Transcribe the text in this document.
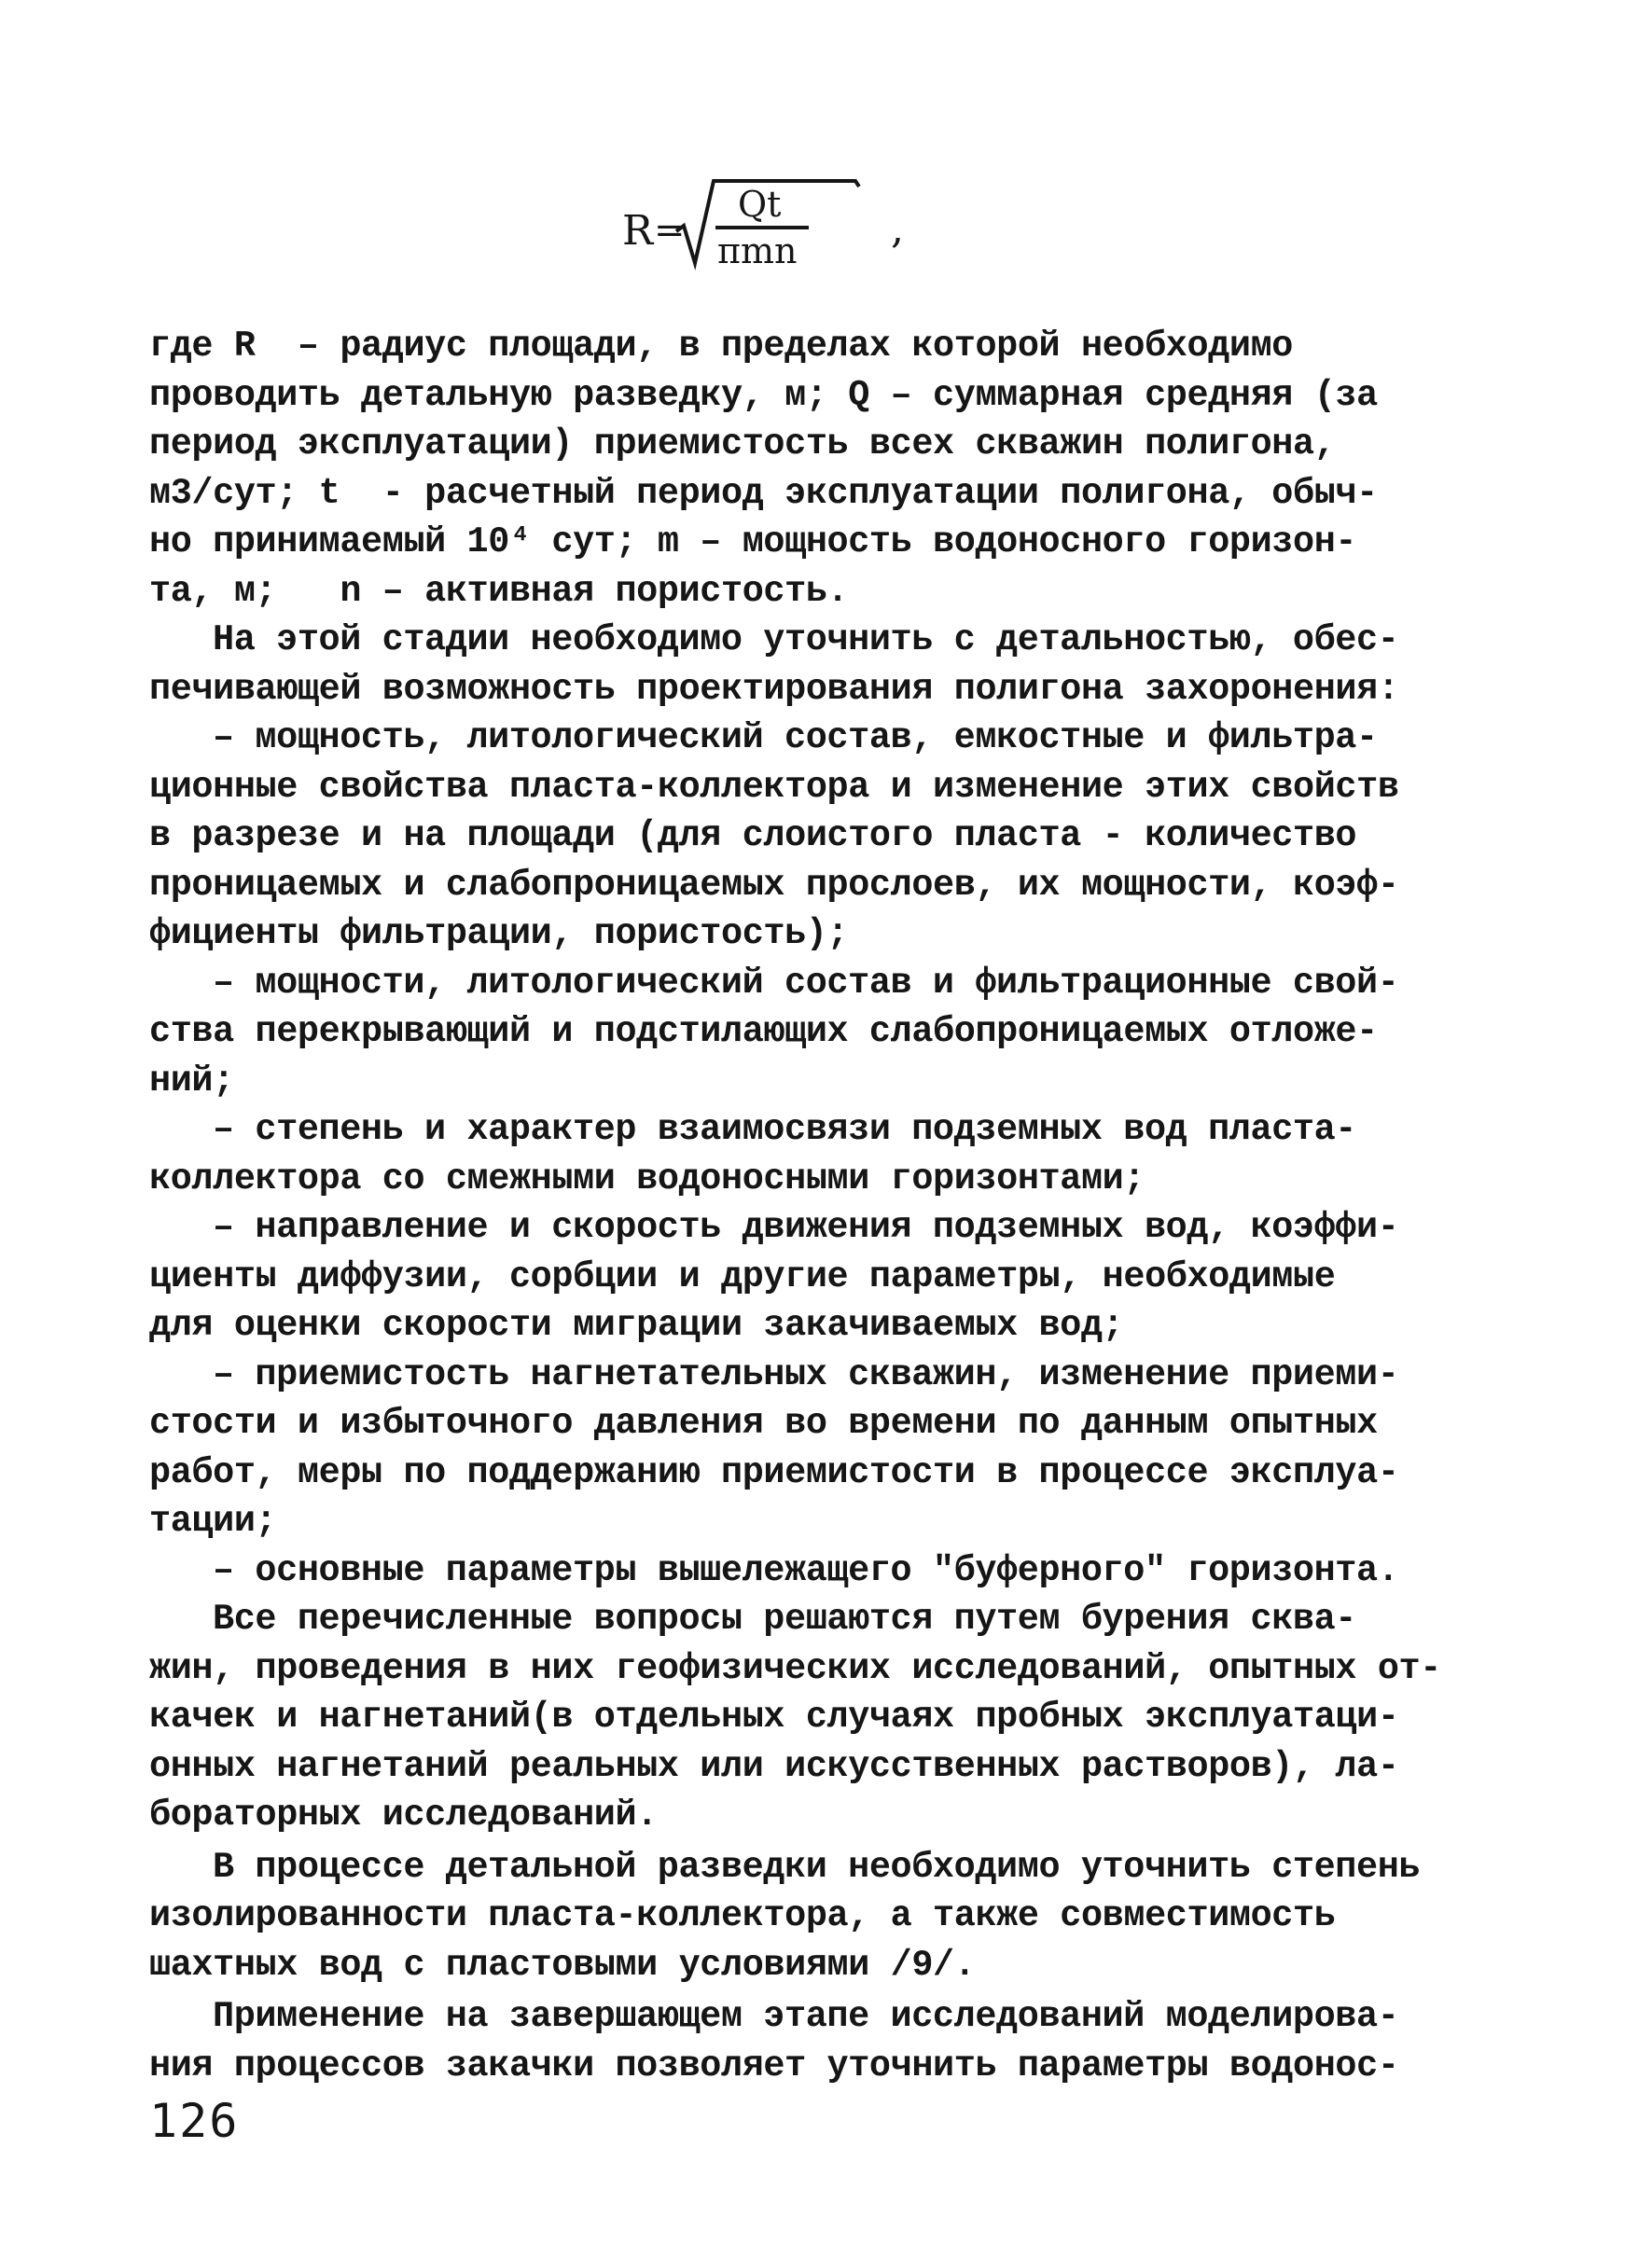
R =
Qt
πmn ,
где R  – радиус площади, в пределах которой необходимо
проводить детальную разведку, м; Q – суммарная средняя (за
период эксплуатации) приемистость всех скважин полигона,
м3/сут; t  - расчетный период эксплуатации полигона, обыч-
но принимаемый 10⁴ сут; m – мощность водоносного горизон-
та, м;   n – активная пористость.
На этой стадии необходимо уточнить с детальностью, обес-
печивающей возможность проектирования полигона захоронения:
– мощность, литологический состав, емкостные и фильтра-
ционные свойства пласта-коллектора и изменение этих свойств
в разрезе и на площади (для слоистого пласта - количество
проницаемых и слабопроницаемых прослоев, их мощности, коэф-
фициенты фильтрации, пористость);
– мощности, литологический состав и фильтрационные свой-
ства перекрывающий и подстилающих слабопроницаемых отложе-
ний;
– степень и характер взаимосвязи подземных вод пласта-
коллектора со смежными водоносными горизонтами;
– направление и скорость движения подземных вод, коэффи-
циенты диффузии, сорбции и другие параметры, необходимые
для оценки скорости миграции закачиваемых вод;
– приемистость нагнетательных скважин, изменение приеми-
стости и избыточного давления во времени по данным опытных
работ, меры по поддержанию приемистости в процессе эксплуа-
тации;
– основные параметры вышележащего "буферного" горизонта.
Все перечисленные вопросы решаются путем бурения сква-
жин, проведения в них геофизических исследований, опытных от-
качек и нагнетаний(в отдельных случаях пробных эксплуатаци-
онных нагнетаний реальных или искусственных растворов), ла-
бораторных исследований.
В процессе детальной разведки необходимо уточнить степень
изолированности пласта-коллектора, а также совместимость
шахтных вод с пластовыми условиями /9/.
Применение на завершающем этапе исследований моделирова-
ния процессов закачки позволяет уточнить параметры водонос-
126
